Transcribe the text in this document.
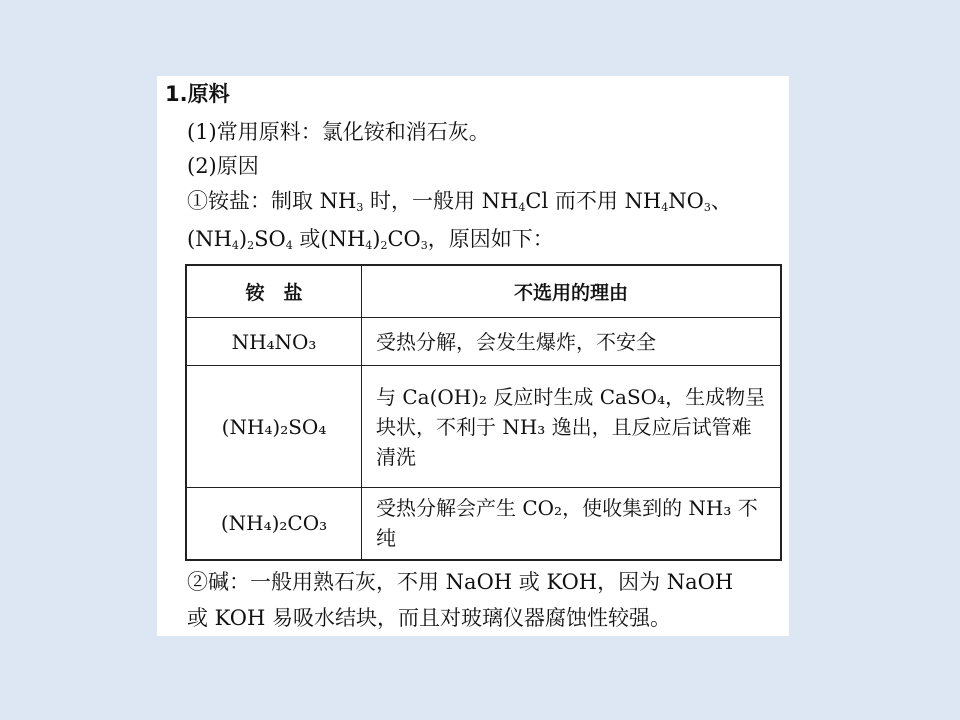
1.原料
(1)常用原料：氯化铵和消石灰。
(2)原因
①铵盐：制取 $NH_3$ 时，一般用 $NH_4Cl$ 而不用 $NH_4NO_3$、
$(NH_4)_2SO_4$ 或$(NH_4)_2CO_3$，原因如下：
铵　盐	不选用的理由
NH₄NO₃	受热分解，会发生爆炸，不安全
(NH₄)₂SO₄	与 Ca(OH)₂ 反应时生成 CaSO₄，生成物呈块状，不利于 NH₃ 逸出，且反应后试管难清洗
(NH₄)₂CO₃	受热分解会产生 CO₂，使收集到的 NH₃ 不纯
②碱：一般用熟石灰，不用 NaOH 或 KOH，因为 NaOH
或 KOH 易吸水结块，而且对玻璃仪器腐蚀性较强。
